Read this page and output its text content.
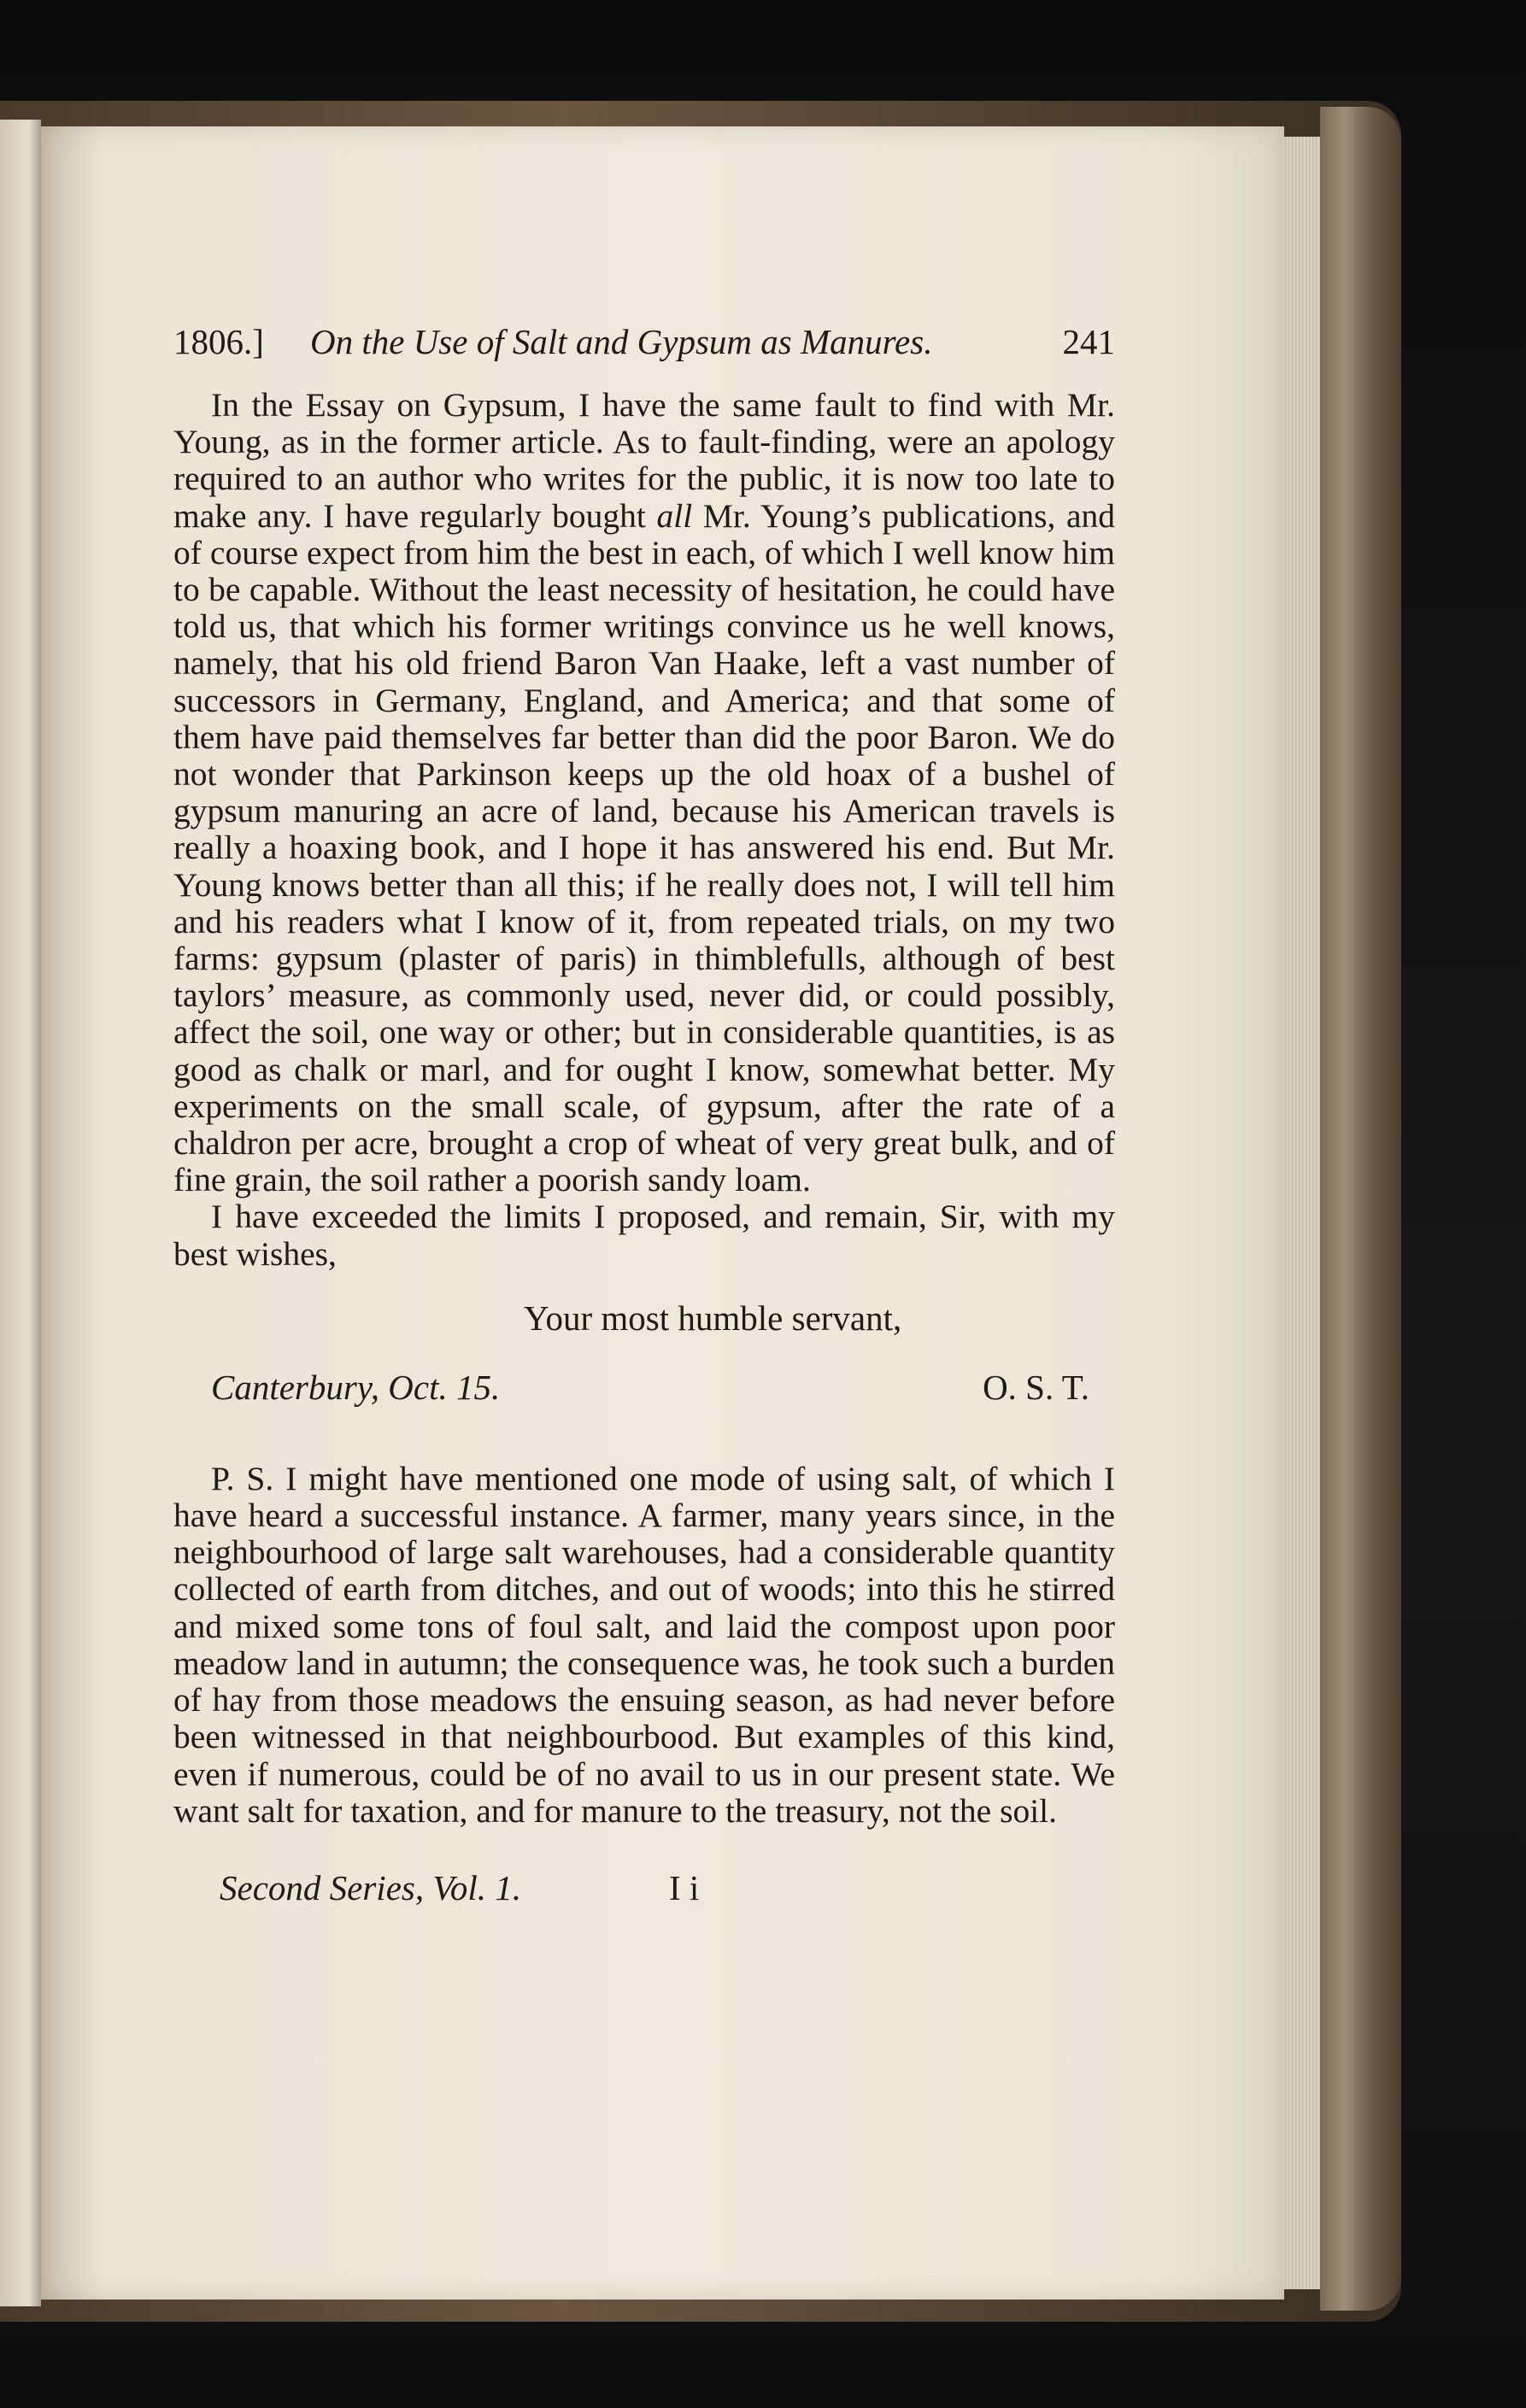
1806.] On the Use of Salt and Gypsum as Manures.	241

In the Essay on Gypsum, I have the same fault to find with Mr. Young, as in the former article. As to fault-finding, were an apology required to an author who writes for the public, it is now too late to make any. I have regularly bought all Mr. Young’s publications, and of course expect from him the best in each, of which I well know him to be capable. Without the least necessity of hesitation, he could have told us, that which his former writings convince us he well knows, namely, that his old friend Baron Van Haake, left a vast number of successors in Germany, England, and America; and that some of them have paid themselves far better than did the poor Baron. We do not wonder that Parkinson keeps up the old hoax of a bushel of gypsum manuring an acre of land, because his American travels is really a hoaxing book, and I hope it has answered his end. But Mr. Young knows better than all this; if he really does not, I will tell him and his readers what I know of it, from repeated trials, on my two farms: gypsum (plaster of paris) in thimblefulls, although of best taylors’ measure, as commonly used, never did, or could possibly, affect the soil, one way or other; but in considerable quantities, is as good as chalk or marl, and for ought I know, somewhat better. My experiments on the small scale, of gypsum, after the rate of a chaldron per acre, brought a crop of wheat of very great bulk, and of fine grain, the soil rather a poorish sandy loam.

I have exceeded the limits I proposed, and remain, Sir, with my best wishes,

Your most humble servant,

Canterbury, Oct. 15.	O. S. T.

P. S. I might have mentioned one mode of using salt, of which I have heard a successful instance. A farmer, many years since, in the neighbourhood of large salt warehouses, had a considerable quantity collected of earth from ditches, and out of woods; into this he stirred and mixed some tons of foul salt, and laid the compost upon poor meadow land in autumn; the consequence was, he took such a burden of hay from those meadows the ensuing season, as had never before been witnessed in that neighbourbood. But examples of this kind, even if numerous, could be of no avail to us in our present state. We want salt for taxation, and for manure to the treasury, not the soil.

Second Series, Vol. 1.	I i
